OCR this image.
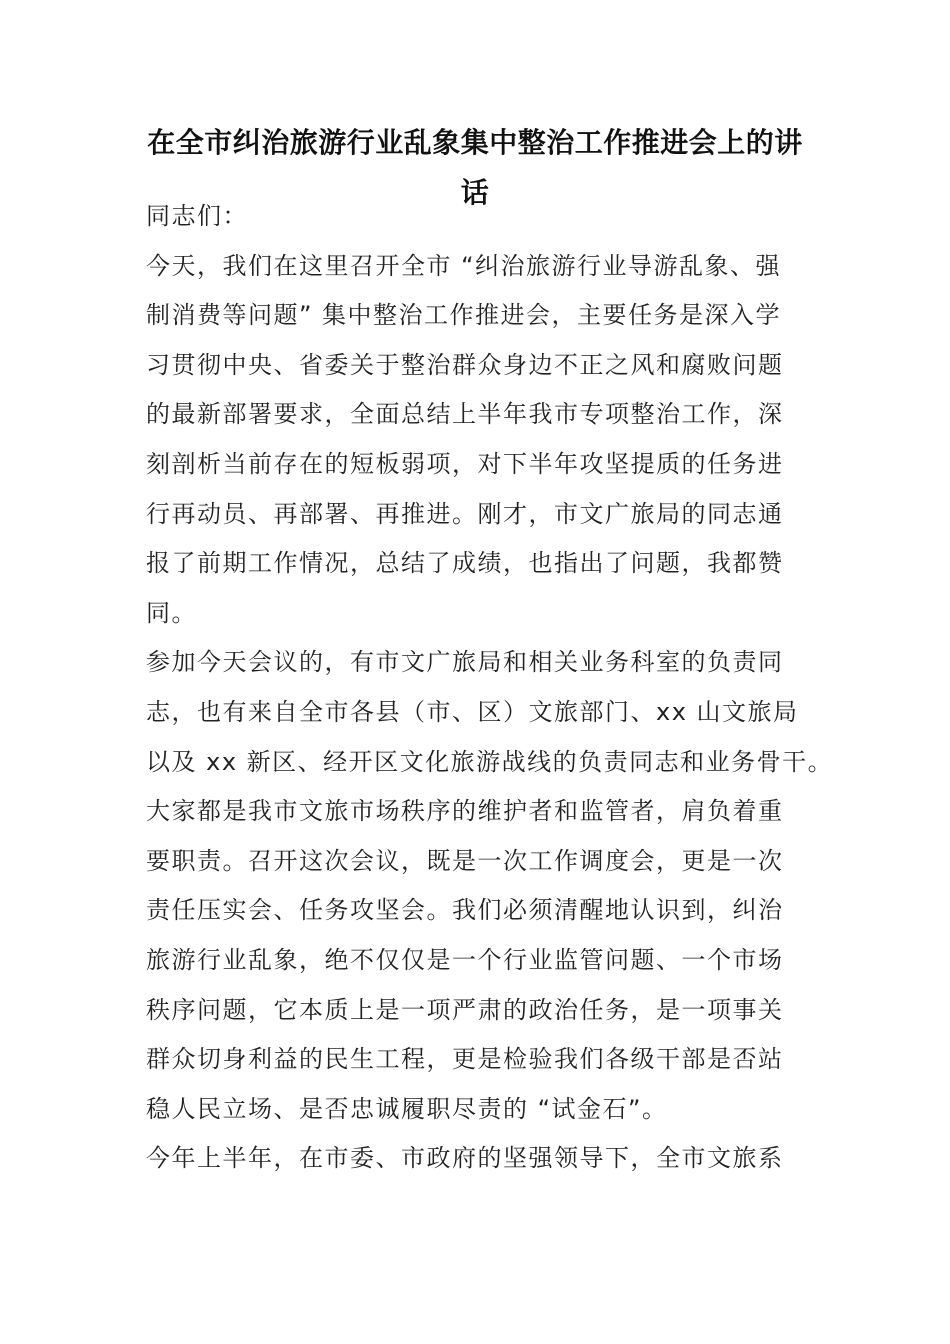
在全市纠治旅游行业乱象集中整治工作推进会上的讲
话
同志们：
今天，我们在这里召开全市 “纠治旅游行业导游乱象、强
制消费等问题” 集中整治工作推进会，主要任务是深入学
习贯彻中央、省委关于整治群众身边不正之风和腐败问题
的最新部署要求，全面总结上半年我市专项整治工作，深
刻剖析当前存在的短板弱项，对下半年攻坚提质的任务进
行再动员、再部署、再推进。刚才，市文广旅局的同志通
报了前期工作情况，总结了成绩，也指出了问题，我都赞
同。
参加今天会议的，有市文广旅局和相关业务科室的负责同
志，也有来自全市各县（市、区）文旅部门、xx 山文旅局
以及 xx 新区、经开区文化旅游战线的负责同志和业务骨干。
大家都是我市文旅市场秩序的维护者和监管者，肩负着重
要职责。召开这次会议，既是一次工作调度会，更是一次
责任压实会、任务攻坚会。我们必须清醒地认识到，纠治
旅游行业乱象，绝不仅仅是一个行业监管问题、一个市场
秩序问题，它本质上是一项严肃的政治任务，是一项事关
群众切身利益的民生工程，更是检验我们各级干部是否站
稳人民立场、是否忠诚履职尽责的 “试金石”。
今年上半年，在市委、市政府的坚强领导下，全市文旅系
